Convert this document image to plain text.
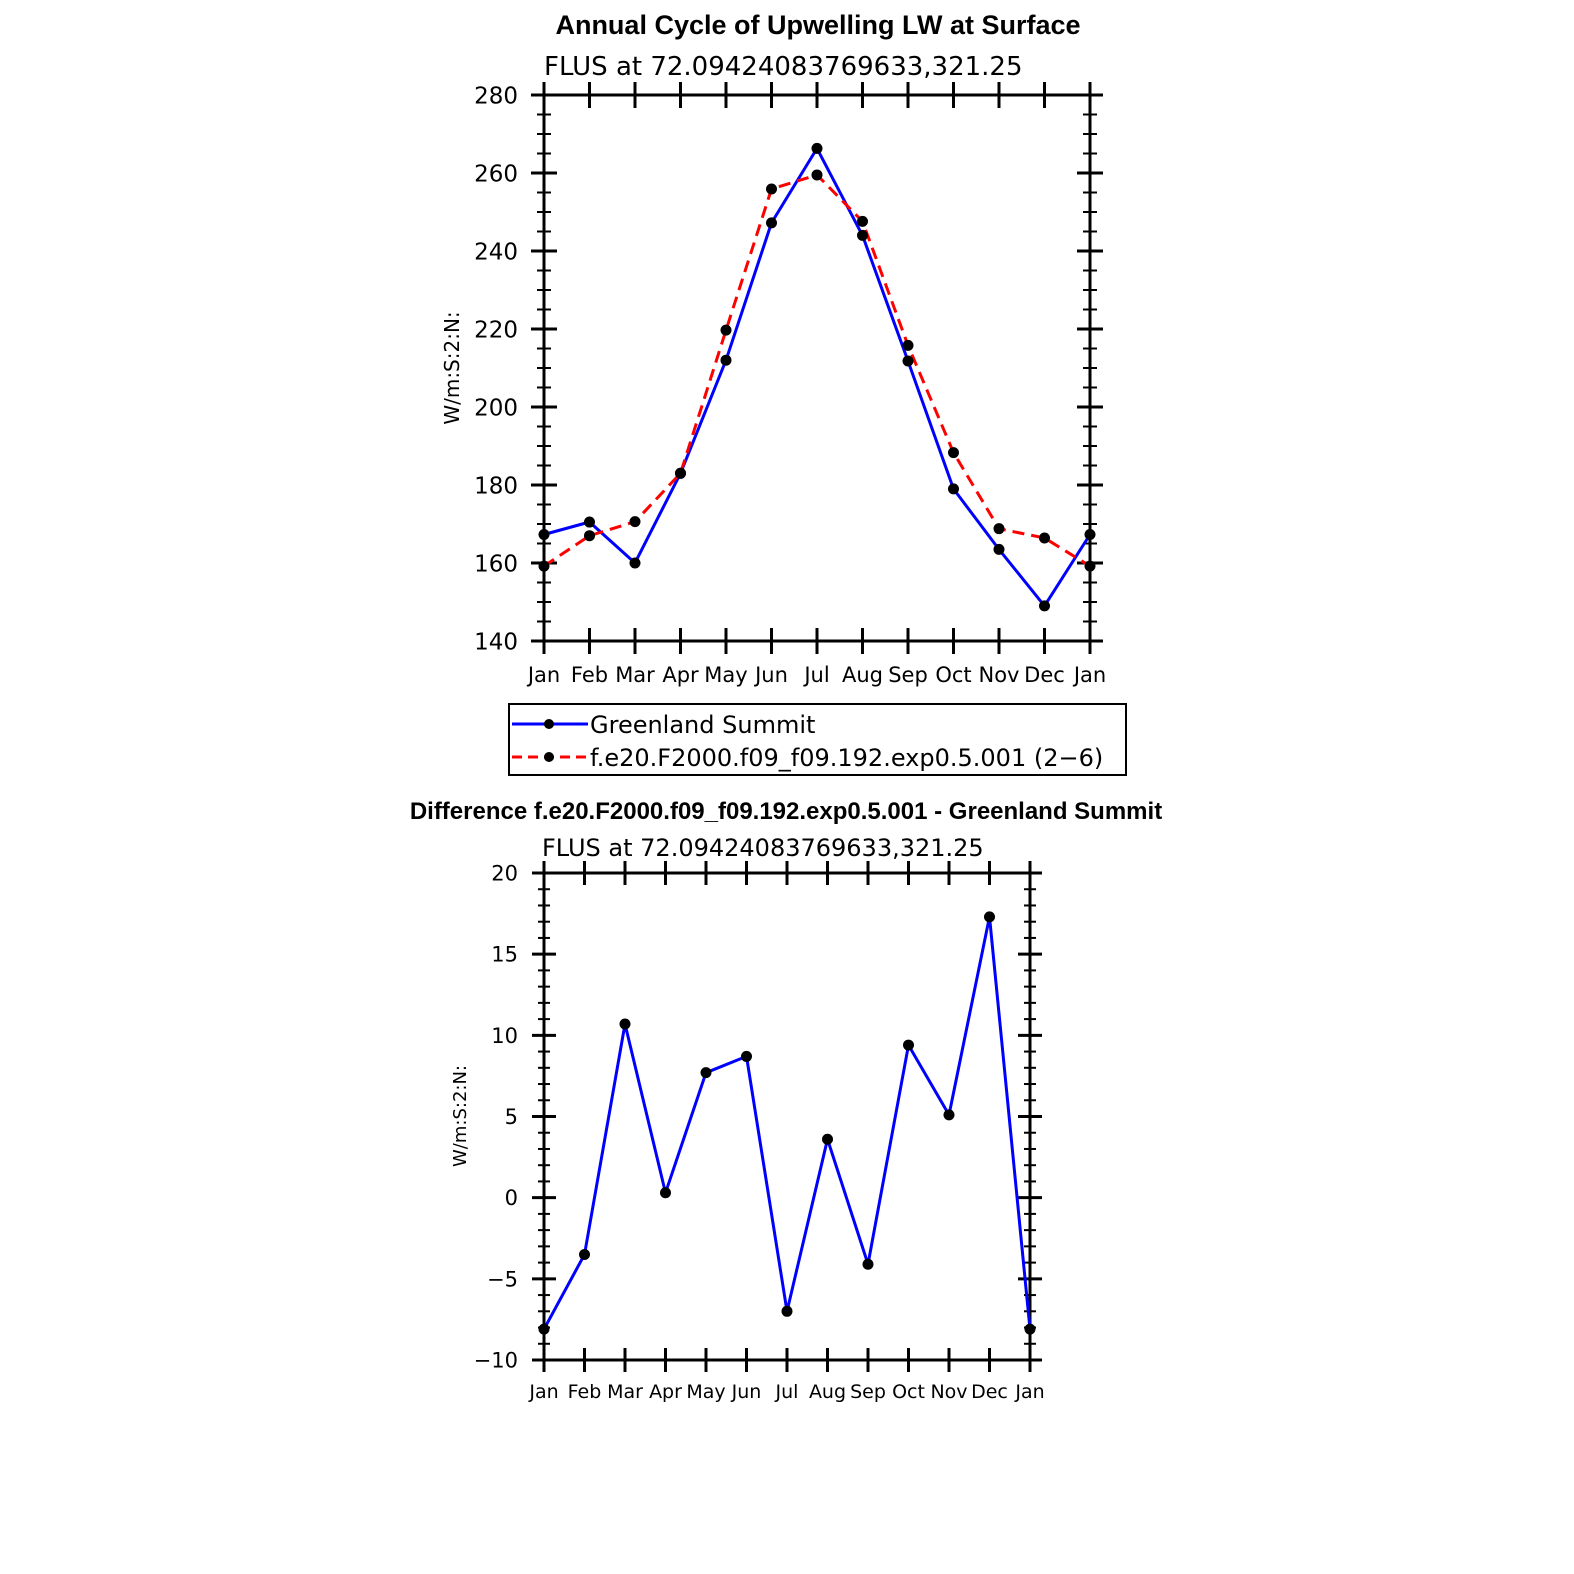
Annual Cycle of Upwelling LW at Surface
FLUS at 72.09424083769633,321.25
W/m:S:2:N:
140
160
180
200
220
240
260
280
Jan Feb Mar Apr May Jun Jul Aug Sep Oct Nov Dec Jan
Greenland Summit
f.e20.F2000.f09_f09.192.exp0.5.001 (2−6)
Difference f.e20.F2000.f09_f09.192.exp0.5.001 - Greenland Summit
FLUS at 72.09424083769633,321.25
W/m:S:2:N:
−10
−5
0
5
10
15
20
Jan Feb Mar Apr May Jun Jul Aug Sep Oct Nov Dec Jan
